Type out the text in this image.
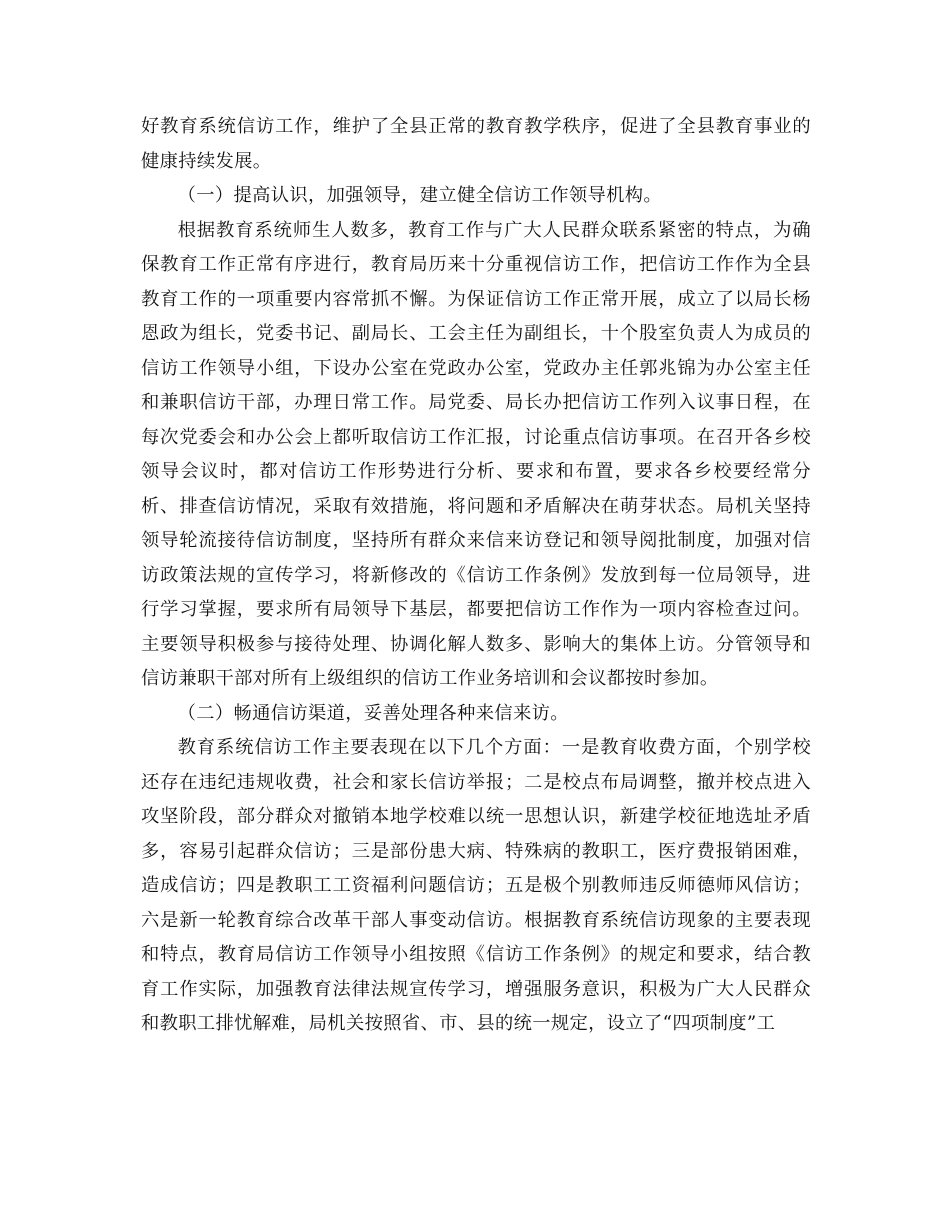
好教育系统信访工作，维护了全县正常的教育教学秩序，促进了全县教育事业的健康持续发展。

（一）提高认识，加强领导，建立健全信访工作领导机构。

根据教育系统师生人数多，教育工作与广大人民群众联系紧密的特点，为确保教育工作正常有序进行，教育局历来十分重视信访工作，把信访工作作为全县教育工作的一项重要内容常抓不懈。为保证信访工作正常开展，成立了以局长杨恩政为组长，党委书记、副局长、工会主任为副组长，十个股室负责人为成员的信访工作领导小组，下设办公室在党政办公室，党政办主任郭兆锦为办公室主任和兼职信访干部，办理日常工作。局党委、局长办把信访工作列入议事日程，在每次党委会和办公会上都听取信访工作汇报，讨论重点信访事项。在召开各乡校领导会议时，都对信访工作形势进行分析、要求和布置，要求各乡校要经常分析、排查信访情况，采取有效措施，将问题和矛盾解决在萌芽状态。局机关坚持领导轮流接待信访制度，坚持所有群众来信来访登记和领导阅批制度，加强对信访政策法规的宣传学习，将新修改的《信访工作条例》发放到每一位局领导，进行学习掌握，要求所有局领导下基层，都要把信访工作作为一项内容检查过问。主要领导积极参与接待处理、协调化解人数多、影响大的集体上访。分管领导和信访兼职干部对所有上级组织的信访工作业务培训和会议都按时参加。

（二）畅通信访渠道，妥善处理各种来信来访。

教育系统信访工作主要表现在以下几个方面：一是教育收费方面，个别学校还存在违纪违规收费，社会和家长信访举报；二是校点布局调整，撤并校点进入攻坚阶段，部分群众对撤销本地学校难以统一思想认识，新建学校征地选址矛盾多，容易引起群众信访；三是部份患大病、特殊病的教职工，医疗费报销困难，造成信访；四是教职工工资福利问题信访；五是极个别教师违反师德师风信访；六是新一轮教育综合改革干部人事变动信访。根据教育系统信访现象的主要表现和特点，教育局信访工作领导小组按照《信访工作条例》的规定和要求，结合教育工作实际，加强教育法律法规宣传学习，增强服务意识，积极为广大人民群众和教职工排忧解难，局机关按照省、市、县的统一规定，设立了“四项制度”工
